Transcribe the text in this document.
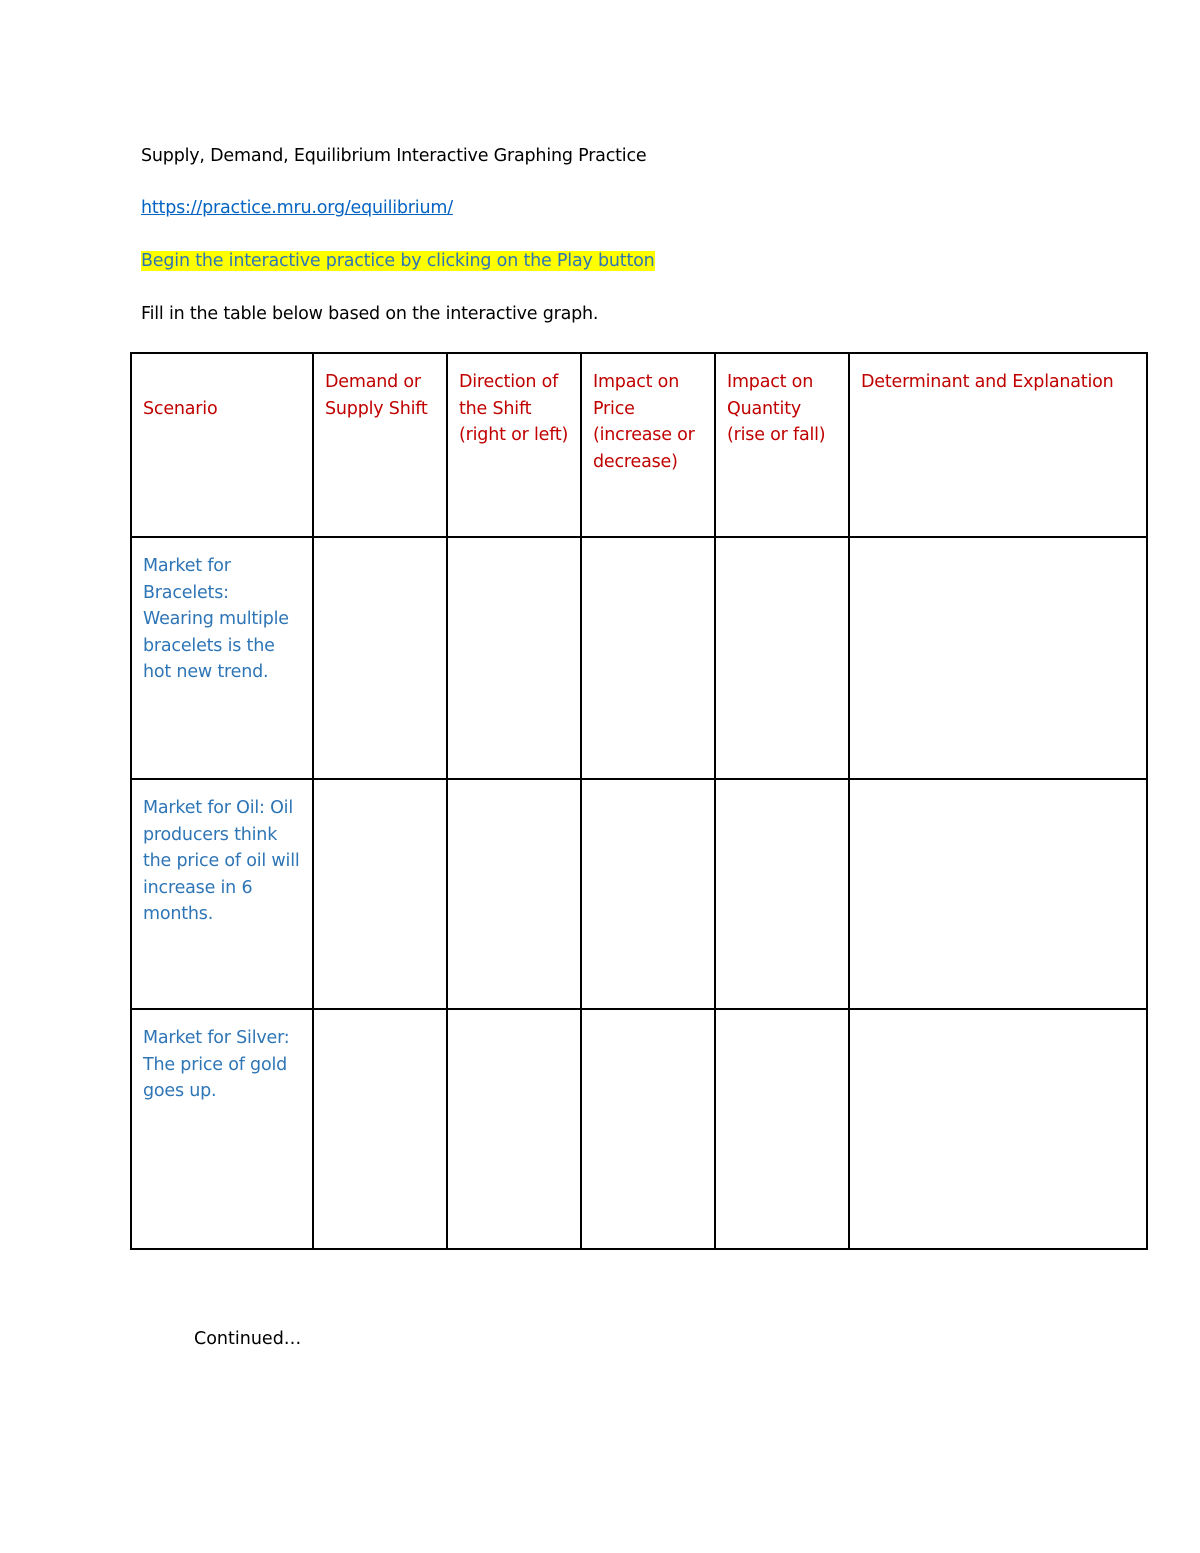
Supply, Demand, Equilibrium Interactive Graphing Practice
https://practice.mru.org/equilibrium/
Begin the interactive practice by clicking on the Play button
Fill in the table below based on the interactive graph.
Scenario	Demand or Supply Shift	Direction of the Shift (right or left)	Impact on Price (increase or decrease)	Impact on Quantity (rise or fall)	Determinant and Explanation
Market for Bracelets: Wearing multiple bracelets is the hot new trend.					
Market for Oil: Oil producers think the price of oil will increase in 6 months.					
Market for Silver: The price of gold goes up.					
Continued…
